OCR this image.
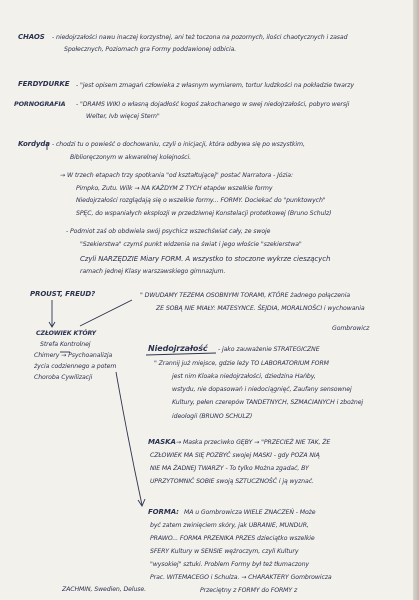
CHAOS - niedojrzałości nawu inaczej korzystnej, ani też toczona na pozornych, ilości chaotycznych i zasad
Społecznych, Poziomach gra Formy poddawionej odbicia.
FERDYDURKE - "jest opisem zmagań człowieka z własnym wymiarem, tortur ludzkości na pokładzie twarzy
PORNOGRAFIA - "DRAMS WIKI o własną dojadłość kogoś zakochanego w swej niedojrzałości, pobyro wersji
Welter, Ivb więcej Stern"
Kordyda - chodzi tu o powieść o dochowaniu, czyli o inicjacji, która odbywa się po wszystkim,
Biblioręczonym w akwarelnej kolejności.
→ W trzech etapach trzy spotkania "od kształtującej" postać Narratora - Józia:
Pimpko, Zutu. Wilk → NA KAŻDYM Z TYCH etapów wszelkie formy
Niedojrzałości rozglądają się o wszelkie formy... FORMY. Dociekać do "punktowych"
SPĘC, do wspaniałych eksplozji w przedziwnej Konstelacji protetkowej (Bruno Schulz)
- Podmiot zaś ob obdwiela swój psychicz wszechświat cały, ze swoje
"Szekierstwa" czymś punkt widzenia na świat i jego włoście "szekierstwa"
Czyli NARZĘDZIE Miary FORM. A wszystko to stoczone wykrze cieszących
ramach jednej Klasy warszawskiego gimnazjum.
PROUST, FREUD?	" DWUDAMY TEZEMA OSOBNYMI TORAMI, KTÓRE żadnego połączenia
ZE SOBĄ NIE MIAŁY: MATESYNCE. ŚEJDIA, MORALNOŚCI i wychowania
Gombrowicz
CZŁOWIEK KTÓRY
Strefa Kontrolnej
Chimery → Psychoanalizja
życia codziennego a potem
Choroba Cywilizacji
Niedojrzałość - jako zauważenie STRATEGICZNE
" Zrannij już miejsce, gdzie leży TO LABORATORIUM FORM
jest nim Kloaka niedojrzałości, dziedzina Hańby,
wstydu, nie dopasowań i niedociągnięć, Zaufany sensownej
Kultury, pełen czerepów TANDETNYCH, SZMACIANYCH i zbożnej
ideologii (BRUNO SCHULZ)
MASKA → Maska przeciwko GĘBY → "PRZECIEŻ NIE TAK, ŻE
CZŁOWIEK MA SIĘ POZBYĆ swojej MASKI - gdy POZA NIĄ
NIE MA ŻADNEJ TWARZY - To tylko Można zgadać, BY
UPRZYTOMNIĆ SOBIE swoją SZTUCZNOŚĆ i ją wyznać.
FORMA: MA u Gombrowicza WIELE ZNACZEŃ - Może
być zatem zwinięciem skóry, jak UBRANIE, MUNDUR,
PRAWO... FORMA PRZENIKA PRZES dzieciątko wszelkie
SFERY Kultury w SENSIE wężroczym, czyli Kultury
"wysokiej" sztuki. Problem Formy był też tłumaczony
Prac. WITEMACEGO i Schulza. → CHARAKTERY Gombrowicza
Przeciętny z FORMY do FORMY z
ZACHMIN, Swedien, Deluse.
